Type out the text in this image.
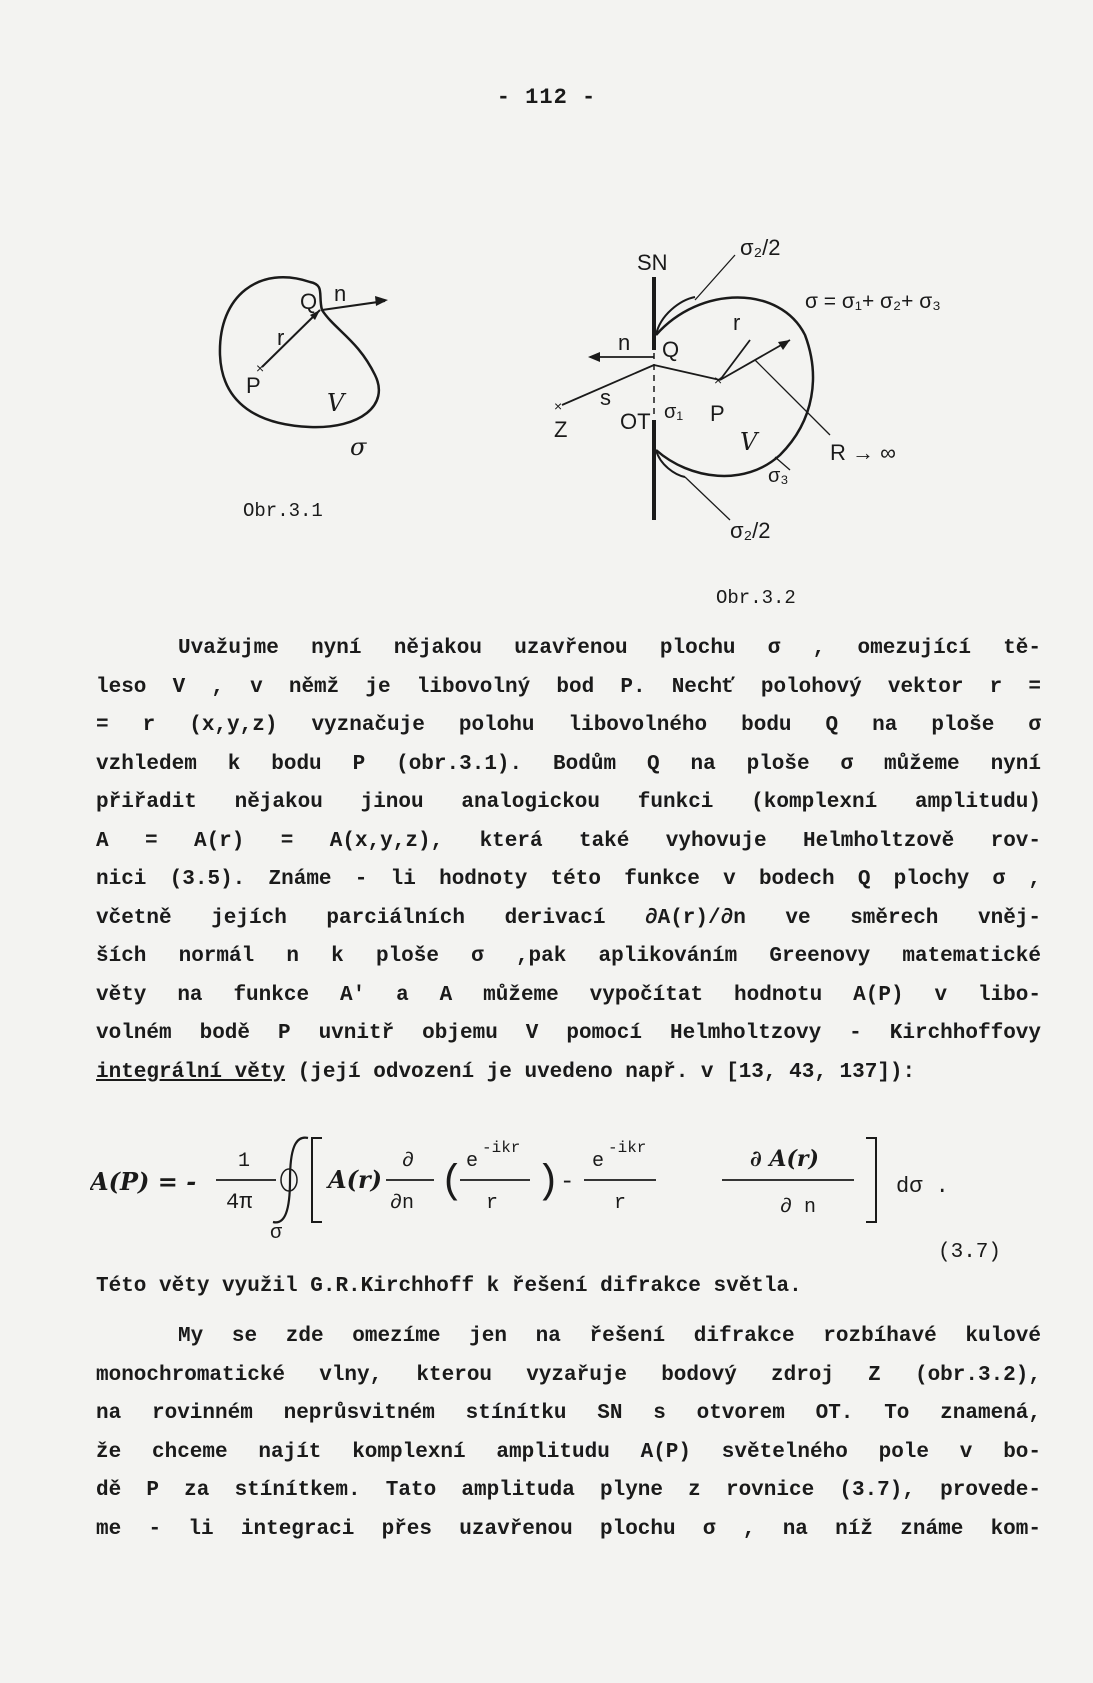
- 112 -
×
Q n
r
P
V
σ
Obr.3.1
×
×
SN
σ₂/2
σ = σ₁+ σ₂+ σ₃
r
n Q
s
OT σ₁ P
Z	V
σ₃
R → ∞
σ₂/2
Obr.3.2
Uvažujme nyní nějakou uzavřenou plochu σ , omezující tě-
leso V , v němž je libovolný bod P. Nechť polohový vektor r =
= r (x,y,z) vyznačuje polohu libovolného bodu Q na ploše σ
vzhledem k bodu P (obr.3.1). Bodům Q na ploše σ můžeme nyní
přiřadit nějakou jinou analogickou funkci (komplexní amplitudu)
A = A(r) = A(x,y,z), která také vyhovuje Helmholtzově rov-
nici (3.5). Známe - li hodnoty této funkce v bodech Q plochy σ ,
včetně jejích parciálních derivací ∂A(r)/∂n ve směrech vněj-
ších normál n k ploše σ ,pak aplikováním Greenovy matematické
věty na funkce A' a A můžeme vypočítat hodnotu A(P) v libo-
volném bodě P uvnitř objemu V pomocí Helmholtzovy - Kirchhoffovy
integrální věty (její odvození je uvedeno např. v [13, 43, 137]):
A(P) = -
1
4π
σ
A(r)
∂
∂n ( e
-ikr
r ) -
e
-ikr
r
∂ A(r)
∂ n
dσ .
(3.7)
Této věty využil G.R.Kirchhoff k řešení difrakce světla.
My se zde omezíme jen na řešení difrakce rozbíhavé kulové
monochromatické vlny, kterou vyzařuje bodový zdroj Z (obr.3.2),
na rovinném neprůsvitném stínítku SN s otvorem OT. To znamená,
že chceme najít komplexní amplitudu A(P) světelného pole v bo-
dě P za stínítkem. Tato amplituda plyne z rovnice (3.7), provede-
me - li integraci přes uzavřenou plochu σ , na níž známe kom-
